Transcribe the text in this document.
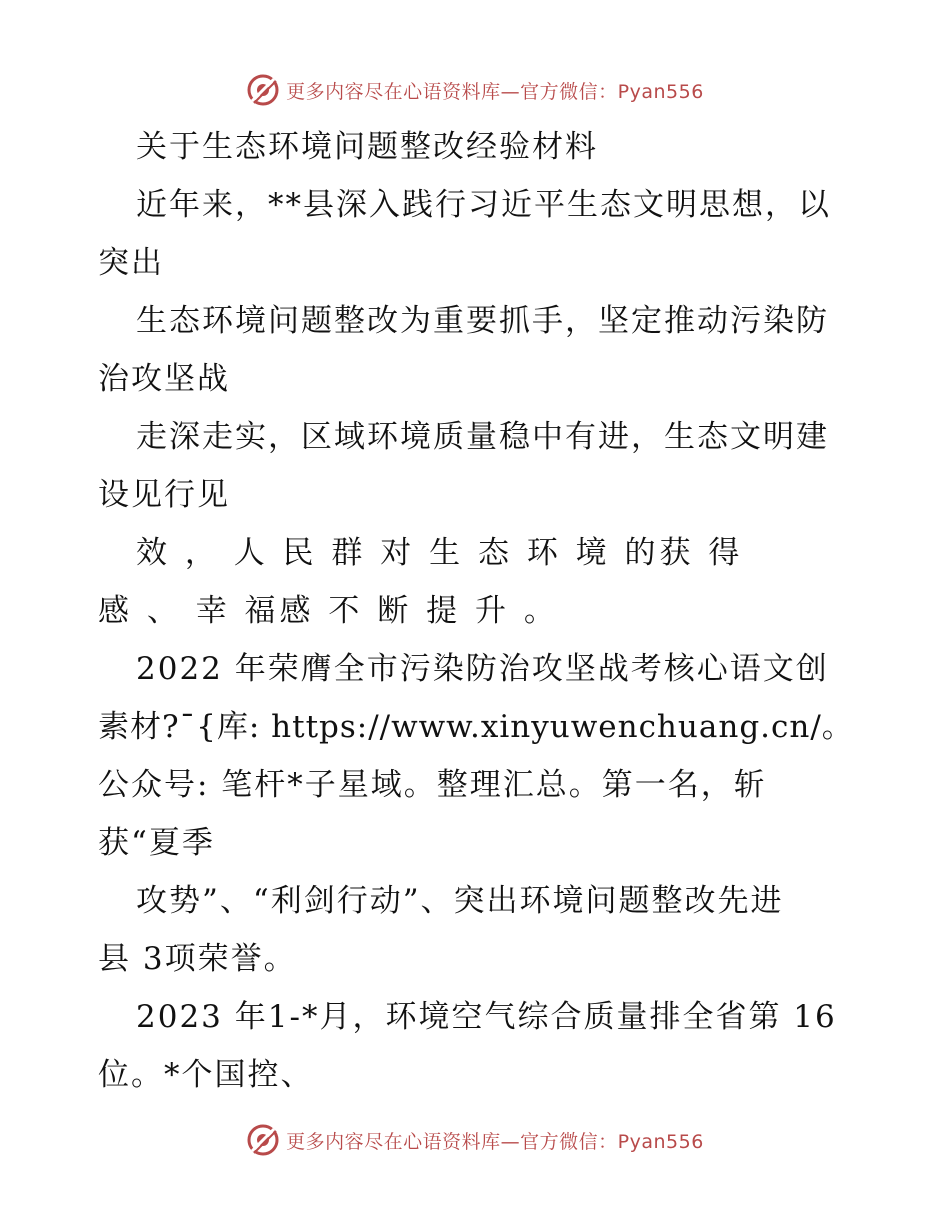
更多内容尽在心语资料库—官方微信：Pyan556
关于生态环境问题整改经验材料
近年来，**县深入践行习近平生态文明思想，以
突出
生态环境问题整改为重要抓手，坚定推动污染防
治攻坚战
走深走实，区域环境质量稳中有进，生态文明建
设见行见
效 ， 人 民 群 对 生 态 环 境 的获 得
感 、 幸 福感 不 断 提 升 。
2022 年荣膺全市污染防治攻坚战考核心语文创
素材?¯{库: https://www.xinyuwenchuang.cn/。
公众号: 笔杆*子星域。整理汇总。第一名，斩
获“夏季
攻势”、“利剑行动”、突出环境问题整改先进
县 3项荣誉。
2023 年1-*月，环境空气综合质量排全省第 16
位。*个国控、
更多内容尽在心语资料库—官方微信：Pyan556
